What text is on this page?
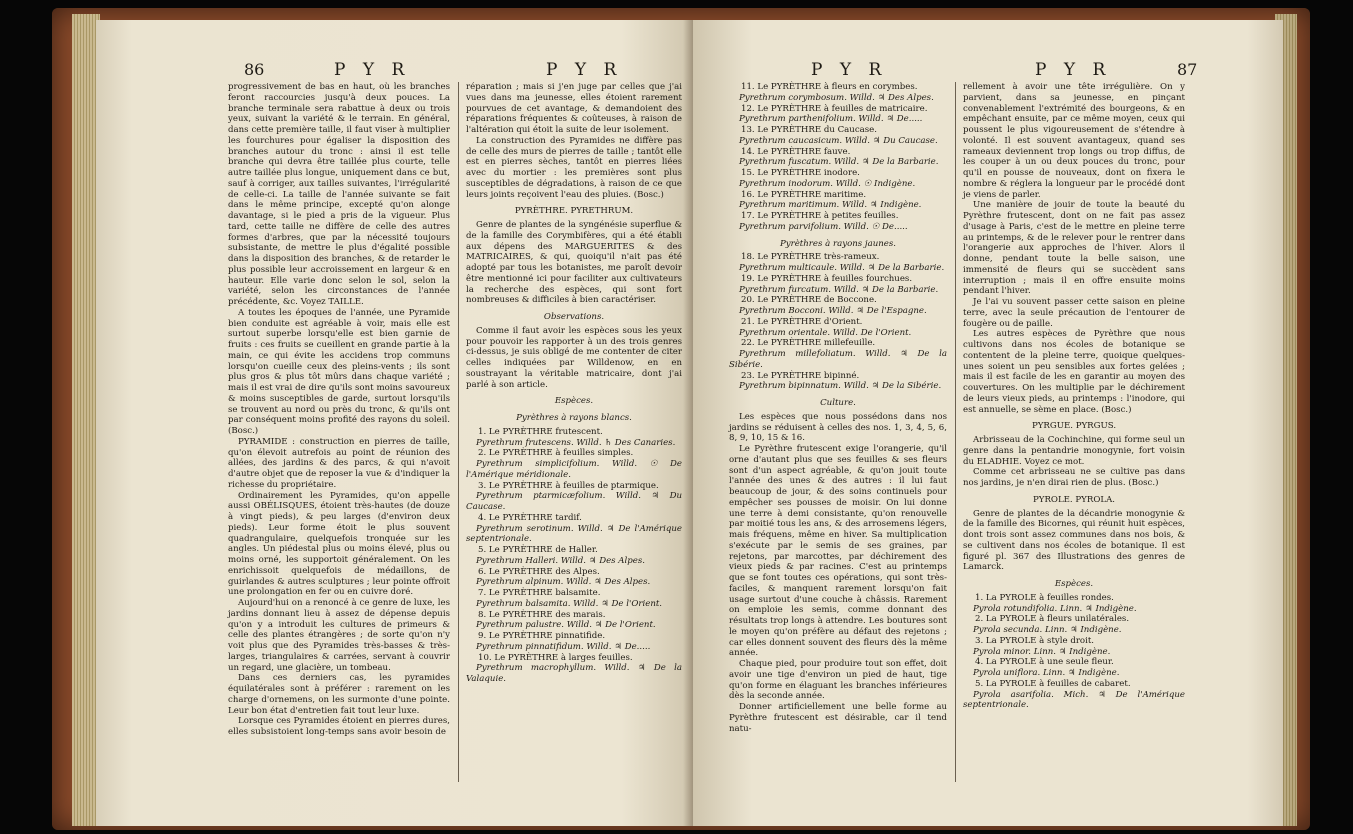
86	P Y R	P Y R

progressivement de bas en haut, où les branches feront raccourcies jusqu'à deux pouces. La branche terminale sera rabattue à deux ou trois yeux, suivant la variété & le terrain. En général, dans cette première taille, il faut viser à multiplier les fourchures pour égaliser la disposition des branches autour du tronc : ainsi il est telle branche qui devra être taillée plus courte, telle autre taillée plus longue, uniquement dans ce but, sauf à corriger, aux tailles suivantes, l'irrégularité de celle-ci. La taille de l'année suivante se fait dans le même principe, excepté qu'on alonge davantage, si le pied a pris de la vigueur. Plus tard, cette taille ne diffère de celle des autres formes d'arbres, que par la nécessité toujours subsistante, de mettre le plus d'égalité possible dans la disposition des branches, & de retarder le plus possible leur accroissement en largeur & en hauteur. Elle varie donc selon le sol, selon la variété, selon les circonstances de l'année précédente, &c. Voyez TAILLE.

A toutes les époques de l'année, une Pyramide bien conduite est agréable à voir, mais elle est surtout superbe lorsqu'elle est bien garnie de fruits : ces fruits se cueillent en grande partie à la main, ce qui évite les accidens trop communs lorsqu'on cueille ceux des pleins-vents ; ils sont plus gros & plus tôt mûrs dans chaque variété ; mais il est vrai de dire qu'ils sont moins savoureux & moins susceptibles de garde, surtout lorsqu'ils se trouvent au nord ou près du tronc, & qu'ils ont par conséquent moins profité des rayons du soleil. (Bosc.)

PYRAMIDE : construction en pierres de taille, qu'on élevoit autrefois au point de réunion des allées, des jardins & des parcs, & qui n'avoit d'autre objet que de reposer la vue & d'indiquer la richesse du propriétaire.

Ordinairement les Pyramides, qu'on appelle aussi OBÉLISQUES, étoient très-hautes (de douze à vingt pieds), & peu larges (d'environ deux pieds). Leur forme étoit le plus souvent quadrangulaire, quelquefois tronquée sur les angles. Un piédestal plus ou moins élevé, plus ou moins orné, les supportoit généralement. On les enrichissoit quelquefois de médaillons, de guirlandes & autres sculptures ; leur pointe offroit une prolongation en fer ou en cuivre doré.

Aujourd'hui on a renoncé à ce genre de luxe, les jardins donnant lieu à assez de dépense depuis qu'on y a introduit les cultures de primeurs & celle des plantes étrangères ; de sorte qu'on n'y voit plus que des Pyramides très-basses & très-larges, triangulaires & carrées, servant à couvrir un regard, une glacière, un tombeau.

Dans ces derniers cas, les pyramides équilatérales sont à préférer : rarement on les charge d'ornemens, on les surmonte d'une pointe. Leur bon état d'entretien fait tout leur luxe.

Lorsque ces Pyramides étoient en pierres dures, elles subsistoient long-temps sans avoir besoin de

réparation ; mais si j'en juge par celles que j'ai vues dans ma jeunesse, elles étoient rarement pourvues de cet avantage, & demandoient des réparations fréquentes & coûteuses, à raison de l'altération qui étoit la suite de leur isolement.

La construction des Pyramides ne diffère pas de celle des murs de pierres de taille ; tantôt elle est en pierres sèches, tantôt en pierres liées avec du mortier : les premières sont plus susceptibles de dégradations, à raison de ce que leurs joints reçoivent l'eau des pluies. (Bosc.)

PYRÈTHRE. PYRETHRUM.

Genre de plantes de la syngénésie superflue & de la famille des Corymbifères, qui a été établi aux dépens des MARGUERITES & des MATRICAIRES, & qui, quoiqu'il n'ait pas été adopté par tous les botanistes, me paroît devoir être mentionné ici pour faciliter aux cultivateurs la recherche des espèces, qui sont fort nombreuses & difficiles à bien caractériser.

Observations.

Comme il faut avoir les espèces sous les yeux pour pouvoir les rapporter à un des trois genres ci-dessus, je suis obligé de me contenter de citer celles indiquées par Willdenow, en en soustrayant la véritable matricaire, dont j'ai parlé à son article.

Espèces.

Pyrèthres à rayons blancs.

1. Le PYRÈTHRE frutescent.

Pyrethrum frutescens. Willd. ♄ Des Canaries.

2. Le PYRÈTHRE à feuilles simples.

Pyrethrum simplicifolium. Willd. ☉ De l'Amérique méridionale.

3. Le PYRÈTHRE à feuilles de ptarmique.

Pyrethrum ptarmicæfolium. Willd. ♃ Du Caucase.

4. Le PYRÈTHRE tardif.

Pyrethrum serotinum. Willd. ♃ De l'Amérique septentrionale.

5. Le PYRÈTHRE de Haller.

Pyrethrum Halleri. Willd. ♃ Des Alpes.

6. Le PYRÈTHRE des Alpes.

Pyrethrum alpinum. Willd. ♃ Des Alpes.

7. Le PYRÈTHRE balsamite.

Pyrethrum balsamita. Willd. ♃ De l'Orient.

8. Le PYRÈTHRE des marais.

Pyrethrum palustre. Willd. ♃ De l'Orient.

9. Le PYRÈTHRE pinnatifide.

Pyrethrum pinnatifidum. Willd. ♃ De.....

10. Le PYRÈTHRE à larges feuilles.

Pyrethrum macrophyllum. Willd. ♃ De la Valaquie.

P Y R	P Y R	87

11. Le PYRÈTHRE à fleurs en corymbes.

Pyrethrum corymbosum. Willd. ♃ Des Alpes.

12. Le PYRÈTHRE à feuilles de matricaire.

Pyrethrum parthenifolium. Willd. ♃ De.....

13. Le PYRÈTHRE du Caucase.

Pyrethrum caucasicum. Willd. ♃ Du Caucase.

14. Le PYRÈTHRE fauve.

Pyrethrum fuscatum. Willd. ♃ De la Barbarie.

15. Le PYRÈTHRE inodore.

Pyrethrum inodorum. Willd. ☉ Indigène.

16. Le PYRÈTHRE maritime.

Pyrethrum maritimum. Willd. ♃ Indigène.

17. Le PYRÈTHRE à petites feuilles.

Pyrethrum parvifolium. Willd. ☉ De.....

Pyrèthres à rayons jaunes.

18. Le PYRÈTHRE très-rameux.

Pyrethrum multicaule. Willd. ♃ De la Barbarie.

19. Le PYRÈTHRE à feuilles fourchues.

Pyrethrum furcatum. Willd. ♃ De la Barbarie.

20. Le PYRÈTHRE de Boccone.

Pyrethrum Bocconi. Willd. ♃ De l'Espagne.

21. Le PYRÈTHRE d'Orient.

Pyrethrum orientale. Willd. De l'Orient.

22. Le PYRÈTHRE millefeuille.

Pyrethrum millefoliatum. Willd. ♃ De la Sibérie.

23. Le PYRÈTHRE bipinné.

Pyrethrum bipinnatum. Willd. ♃ De la Sibérie.

Culture.

Les espèces que nous possédons dans nos jardins se réduisent à celles des nos. 1, 3, 4, 5, 6, 8, 9, 10, 15 & 16.

Le Pyrèthre frutescent exige l'orangerie, qu'il orne d'autant plus que ses feuilles & ses fleurs sont d'un aspect agréable, & qu'on jouit toute l'année des unes & des autres : il lui faut beaucoup de jour, & des soins continuels pour empêcher ses pousses de moisir. On lui donne une terre à demi consistante, qu'on renouvelle par moitié tous les ans, & des arrosemens légers, mais fréquens, même en hiver. Sa multiplication s'exécute par le semis de ses graines, par rejetons, par marcottes, par déchirement des vieux pieds & par racines. C'est au printemps que se font toutes ces opérations, qui sont très-faciles, & manquent rarement lorsqu'on fait usage surtout d'une couche à châssis. Rarement on emploie les semis, comme donnant des résultats trop longs à attendre. Les boutures sont le moyen qu'on préfère au défaut des rejetons ; car elles donnent souvent des fleurs dès la même année.

Chaque pied, pour produire tout son effet, doit avoir une tige d'environ un pied de haut, tige qu'on forme en élaguant les branches inférieures dès la seconde année.

Donner artificiellement une belle forme au Pyrèthre frutescent est désirable, car il tend natu-

rellement à avoir une tête irrégulière. On y parvient, dans sa jeunesse, en pinçant convenablement l'extrémité des bourgeons, & en empêchant ensuite, par ce même moyen, ceux qui poussent le plus vigoureusement de s'étendre à volonté. Il est souvent avantageux, quand ses rameaux deviennent trop longs ou trop diffus, de les couper à un ou deux pouces du tronc, pour qu'il en pousse de nouveaux, dont on fixera le nombre & réglera la longueur par le procédé dont je viens de parler.

Une manière de jouir de toute la beauté du Pyrèthre frutescent, dont on ne fait pas assez d'usage à Paris, c'est de le mettre en pleine terre au printemps, & de le relever pour le rentrer dans l'orangerie aux approches de l'hiver. Alors il donne, pendant toute la belle saison, une immensité de fleurs qui se succèdent sans interruption ; mais il en offre ensuite moins pendant l'hiver.

Je l'ai vu souvent passer cette saison en pleine terre, avec la seule précaution de l'entourer de fougère ou de paille.

Les autres espèces de Pyrèthre que nous cultivons dans nos écoles de botanique se contentent de la pleine terre, quoique quelques-unes soient un peu sensibles aux fortes gelées ; mais il est facile de les en garantir au moyen des couvertures. On les multiplie par le déchirement de leurs vieux pieds, au printemps : l'inodore, qui est annuelle, se sème en place. (Bosc.)

PYRGUE. PYRGUS.

Arbrisseau de la Cochinchine, qui forme seul un genre dans la pentandrie monogynie, fort voisin du ELADHIE. Voyez ce mot.

Comme cet arbrisseau ne se cultive pas dans nos jardins, je n'en dirai rien de plus. (Bosc.)

PYROLE. PYROLA.

Genre de plantes de la décandrie monogynie & de la famille des Bicornes, qui réunit huit espèces, dont trois sont assez communes dans nos bois, & se cultivent dans nos écoles de botanique. Il est figuré pl. 367 des Illustrations des genres de Lamarck.

Espèces.

1. La PYROLE à feuilles rondes.

Pyrola rotundifolia. Linn. ♃ Indigène.

2. La PYROLE à fleurs unilatérales.

Pyrola secunda. Linn. ♃ Indigène.

3. La PYROLE à style droit.

Pyrola minor. Linn. ♃ Indigène.

4. La PYROLE à une seule fleur.

Pyrola uniflora. Linn. ♃ Indigène.

5. La PYROLE à feuilles de cabaret.

Pyrola asarifolia. Mich. ♃ De l'Amérique septentrionale.
